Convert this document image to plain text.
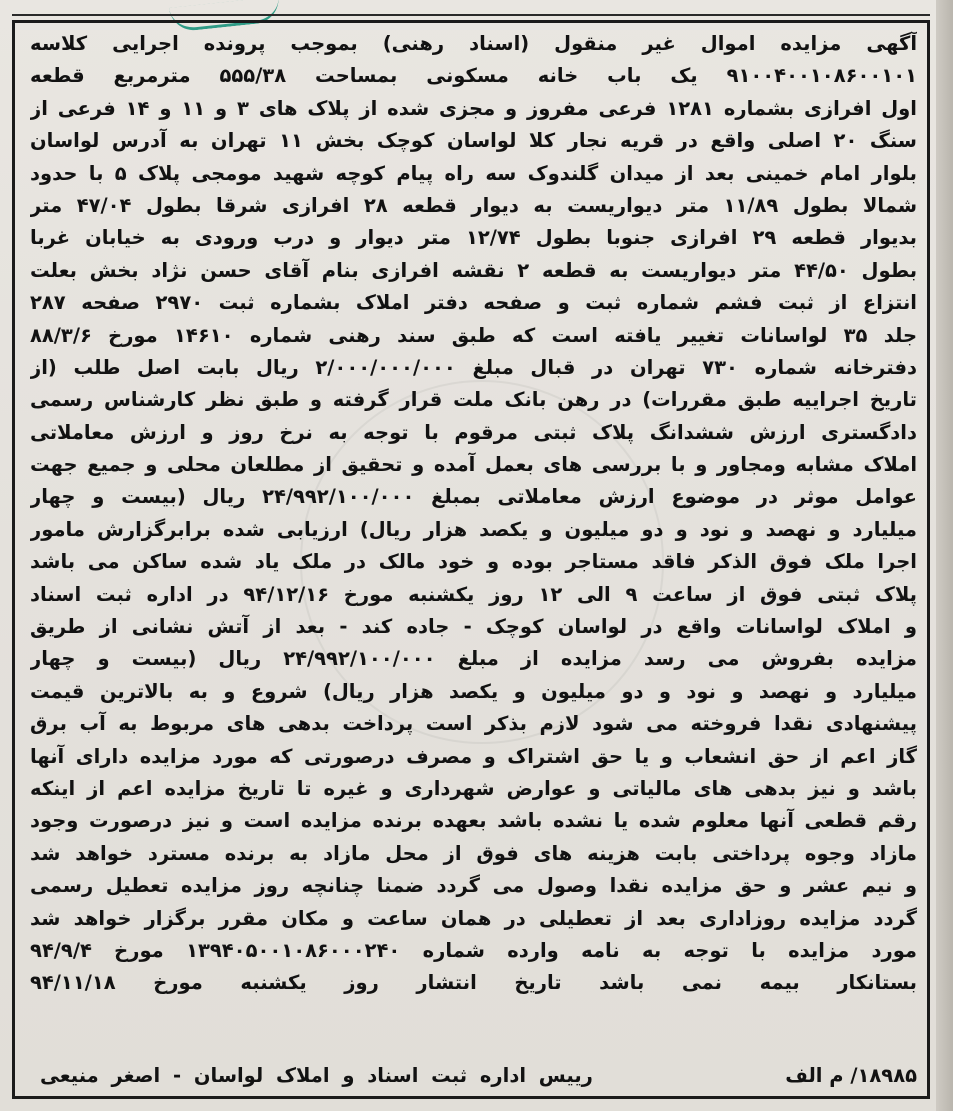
آگهی مزایده اموال غیر منقول (اسناد رهنی) بموجب پرونده اجرایی کلاسه
۹۱۰۰۴۰۰۱۰۸۶۰۰۱۰۱ یک باب خانه مسکونی بمساحت ۵۵۵/۳۸ مترمربع قطعه
اول افرازی بشماره ۱۲۸۱ فرعی مفروز و مجزی شده از پلاک های ۳ و ۱۱ و ۱۴ فرعی از
سنگ ۲۰ اصلی واقع در قریه نجار کلا لواسان کوچک بخش ۱۱ تهران به آدرس لواسان
بلوار امام خمینی بعد از میدان گلندوک سه راه پیام کوچه شهید مومجی پلاک ۵ با حدود
شمالا بطول ۱۱/۸۹ متر دیواریست به دیوار قطعه ۲۸ افرازی شرقا بطول ۴۷/۰۴ متر
بدیوار قطعه ۲۹ افرازی جنوبا بطول ۱۲/۷۴ متر دیوار و درب ورودی به خیابان غربا
بطول ۴۴/۵۰ متر دیواریست به قطعه ۲ نقشه افرازی بنام آقای حسن نژاد بخش بعلت
انتزاع از ثبت فشم شماره ثبت و صفحه دفتر املاک بشماره ثبت ۲۹۷۰ صفحه ۲۸۷
جلد ۳۵ لواسانات تغییر یافته است که طبق سند رهنی شماره ۱۴۶۱۰ مورخ ۸۸/۳/۶
دفترخانه شماره ۷۳۰ تهران در قبال مبلغ ۲/۰۰۰/۰۰۰/۰۰۰ ریال بابت اصل طلب (از
تاریخ اجراییه طبق مقررات) در رهن بانک ملت قرار گرفته و طبق نظر کارشناس رسمی
دادگستری ارزش ششدانگ پلاک ثبتی مرقوم با توجه به نرخ روز و ارزش معاملاتی
املاک مشابه ومجاور و با بررسی های بعمل آمده و تحقیق از مطلعان محلی و جمیع جهت
عوامل موثر در موضوع ارزش معاملاتی بمبلغ ۲۴/۹۹۲/۱۰۰/۰۰۰ ریال (بیست و چهار
میلیارد و نهصد و نود و دو میلیون و یکصد هزار ریال) ارزیابی شده برابرگزارش مامور
اجرا ملک فوق الذکر فاقد مستاجر بوده و خود مالک در ملک یاد شده ساکن می باشد
پلاک ثبتی فوق از ساعت ۹ الی ۱۲ روز یکشنبه مورخ ۹۴/۱۲/۱۶ در اداره ثبت اسناد
و املاک لواسانات واقع در لواسان کوچک - جاده کند - بعد از آتش نشانی از طریق
مزایده بفروش می رسد مزایده از مبلغ ۲۴/۹۹۲/۱۰۰/۰۰۰ ریال (بیست و چهار
میلیارد و نهصد و نود و دو میلیون و یکصد هزار ریال) شروع و به بالاترین قیمت
پیشنهادی نقدا فروخته می شود لازم بذکر است پرداخت بدهی های مربوط به آب برق
گاز اعم از حق انشعاب و یا حق اشتراک و مصرف درصورتی که مورد مزایده دارای آنها
باشد و نیز بدهی های مالیاتی و عوارض شهرداری و غیره تا تاریخ مزایده اعم از اینکه
رقم قطعی آنها معلوم شده یا نشده باشد بعهده برنده مزایده است و نیز درصورت وجود
مازاد وجوه پرداختی بابت هزینه های فوق از محل مازاد به برنده مسترد خواهد شد
و نیم عشر و حق مزایده نقدا وصول می گردد ضمنا چنانچه روز مزایده تعطیل رسمی
گردد مزایده روزاداری بعد از تعطیلی در همان ساعت و مکان مقرر برگزار خواهد شد
مورد مزایده با توجه به نامه وارده شماره ۱۳۹۴۰۵۰۰۱۰۸۶۰۰۰۲۴۰ مورخ ۹۴/۹/۴
بستانکار بیمه نمی باشد تاریخ انتشار روز یکشنبه مورخ ۹۴/۱۱/۱۸
۱۸۹۸۵/ م الف
رییس اداره ثبت اسناد و املاک لواسان - اصغر منیعی
